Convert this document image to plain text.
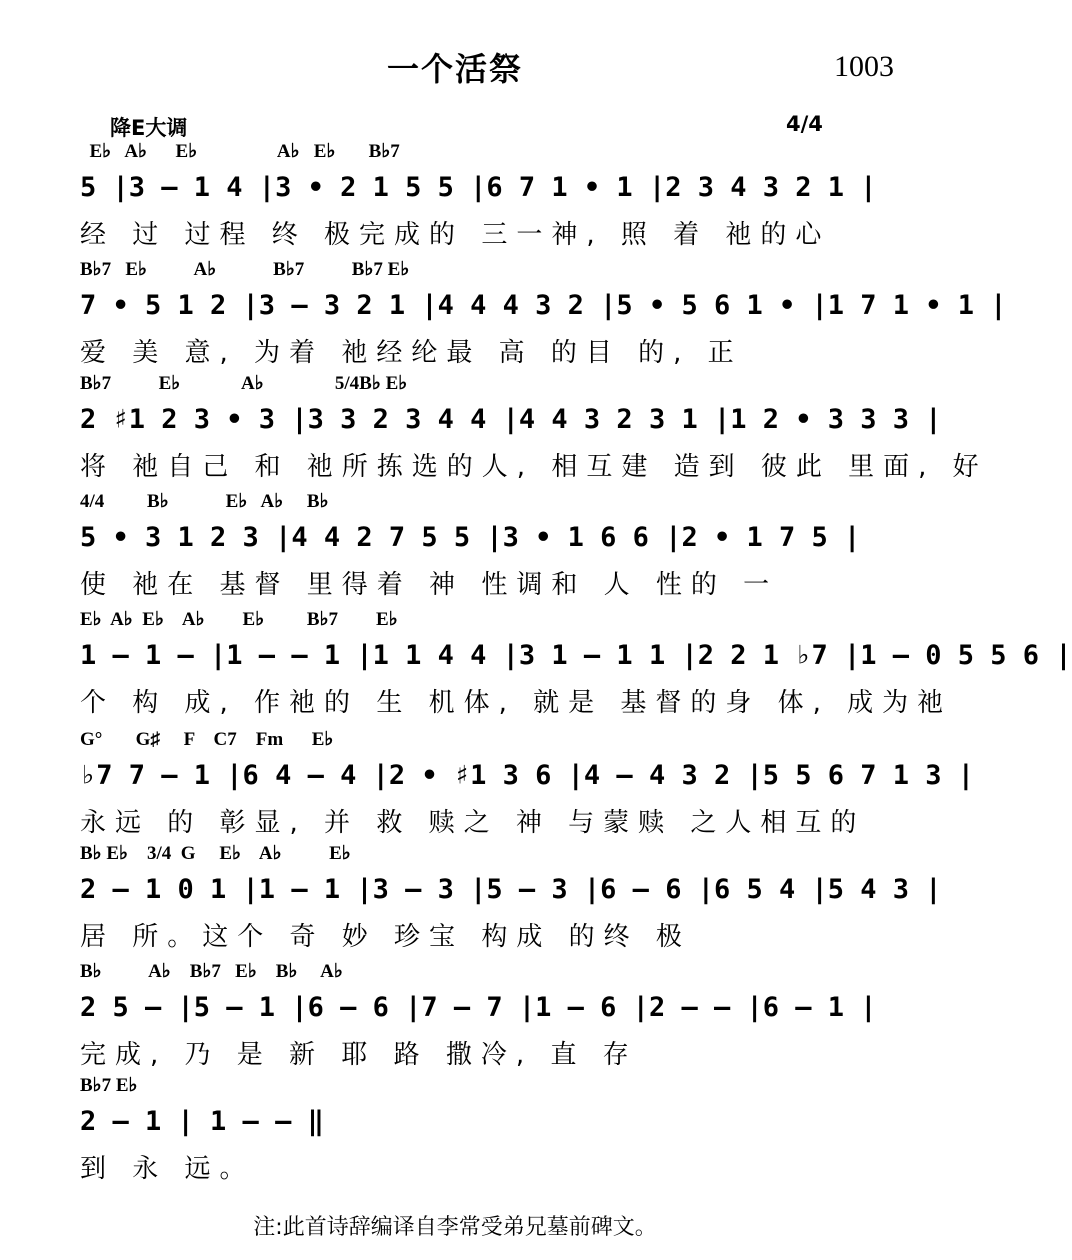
一个活祭	1003
降E大调	4/4
E♭   A♭      E♭                 A♭   E♭       B♭7
5 |3 — 1 4 |3 • 2 1 5 5 |6 7 1 • 1 |2 3 4 3 2 1 |
经 过 过程 终 极完成的 三一神, 照 着 祂的心
B♭7   E♭          A♭            B♭7          B♭7 E♭
7 • 5 1 2 |3 — 3 2 1 |4 4 4 3 2 |5 • 5 6 1 • |1 7 1 • 1 |
爱 美 意, 为着 祂经纶最 高 的目 的, 正
B♭7          E♭             A♭               5/4B♭ E♭
2 ♯1 2 3 • 3 |3 3 2 3 4 4 |4 4 3 2 3 1 |1 2 • 3 3 3 |
将 祂自己 和 祂所拣选的人, 相互建 造到 彼此 里面, 好
4/4         B♭            E♭   A♭     B♭
5 • 3 1 2 3 |4 4 2 7 5 5 |3 • 1 6 6 |2 • 1 7 5 |
使 祂在 基督 里得着 神 性调和 人 性的 一
E♭  A♭  E♭    A♭        E♭         B♭7        E♭
1 — 1 — |1 — — 1 |1 1 4 4 |3 1 — 1 1 |2 2 1 ♭7 |1 — 0 5 5 6 |
个 构 成, 作祂的 生 机体, 就是 基督的身 体, 成为祂
G°       G♯     F    C7    Fm      E♭
♭7 7 — 1 |6 4 — 4 |2 • ♯1 3 6 |4 — 4 3 2 |5 5 6 7 1 3 |
永远 的 彰显, 并 救 赎之 神 与蒙赎 之人相互的
B♭ E♭    3/4  G     E♭    A♭          E♭
2 — 1 0 1 |1 — 1 |3 — 3 |5 — 3 |6 — 6 |6 5 4 |5 4 3 |
居 所。这个 奇 妙 珍宝 构成 的终 极
B♭          A♭    B♭7   E♭    B♭     A♭
2 5 — |5 — 1 |6 — 6 |7 — 7 |1 — 6 |2 — — |6 — 1 |
完成, 乃 是 新 耶 路 撒冷, 直 存
B♭7 E♭
2 — 1 | 1 — — ‖
到 永 远。
注:此首诗辞编译自李常受弟兄墓前碑文。
